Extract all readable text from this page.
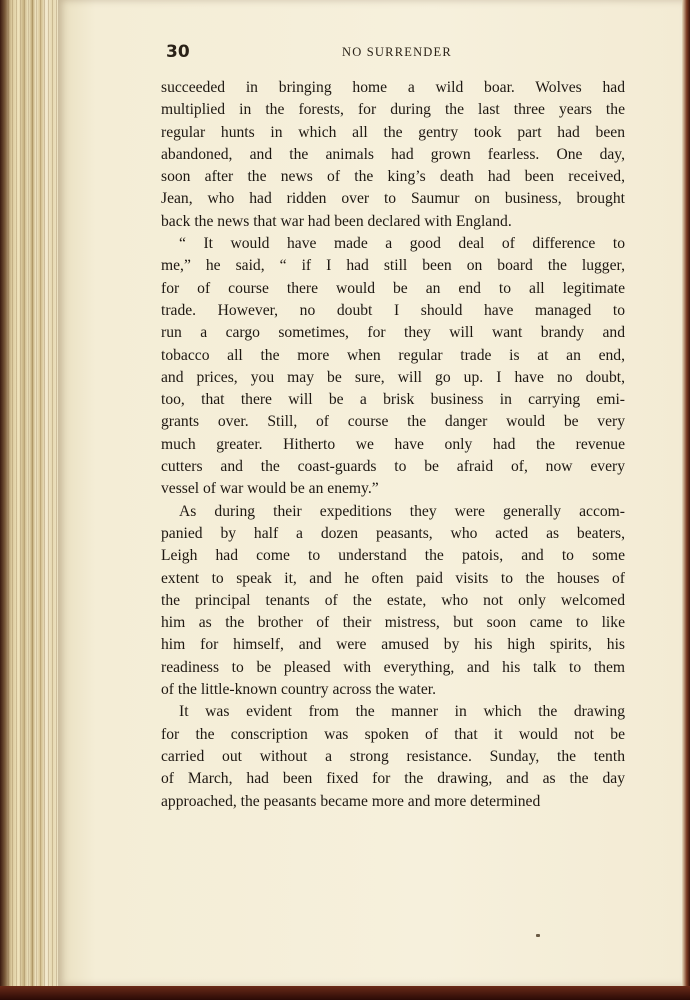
30	NO SURRENDER

succeeded in bringing home a wild boar. Wolves had
multiplied in the forests, for during the last three years the
regular hunts in which all the gentry took part had been
abandoned, and the animals had grown fearless. One day,
soon after the news of the king’s death had been received,
Jean, who had ridden over to Saumur on business, brought
back the news that war had been declared with England.

“ It would have made a good deal of difference to
me,” he said, “ if I had still been on board the lugger,
for of course there would be an end to all legitimate
trade. However, no doubt I should have managed to
run a cargo sometimes, for they will want brandy and
tobacco all the more when regular trade is at an end,
and prices, you may be sure, will go up. I have no doubt,
too, that there will be a brisk business in carrying emi-
grants over. Still, of course the danger would be very
much greater. Hitherto we have only had the revenue
cutters and the coast-guards to be afraid of, now every
vessel of war would be an enemy.”

As during their expeditions they were generally accom-
panied by half a dozen peasants, who acted as beaters,
Leigh had come to understand the patois, and to some
extent to speak it, and he often paid visits to the houses of
the principal tenants of the estate, who not only welcomed
him as the brother of their mistress, but soon came to like
him for himself, and were amused by his high spirits, his
readiness to be pleased with everything, and his talk to them
of the little-known country across the water.

It was evident from the manner in which the drawing
for the conscription was spoken of that it would not be
carried out without a strong resistance. Sunday, the tenth
of March, had been fixed for the drawing, and as the day
approached, the peasants became more and more determined
